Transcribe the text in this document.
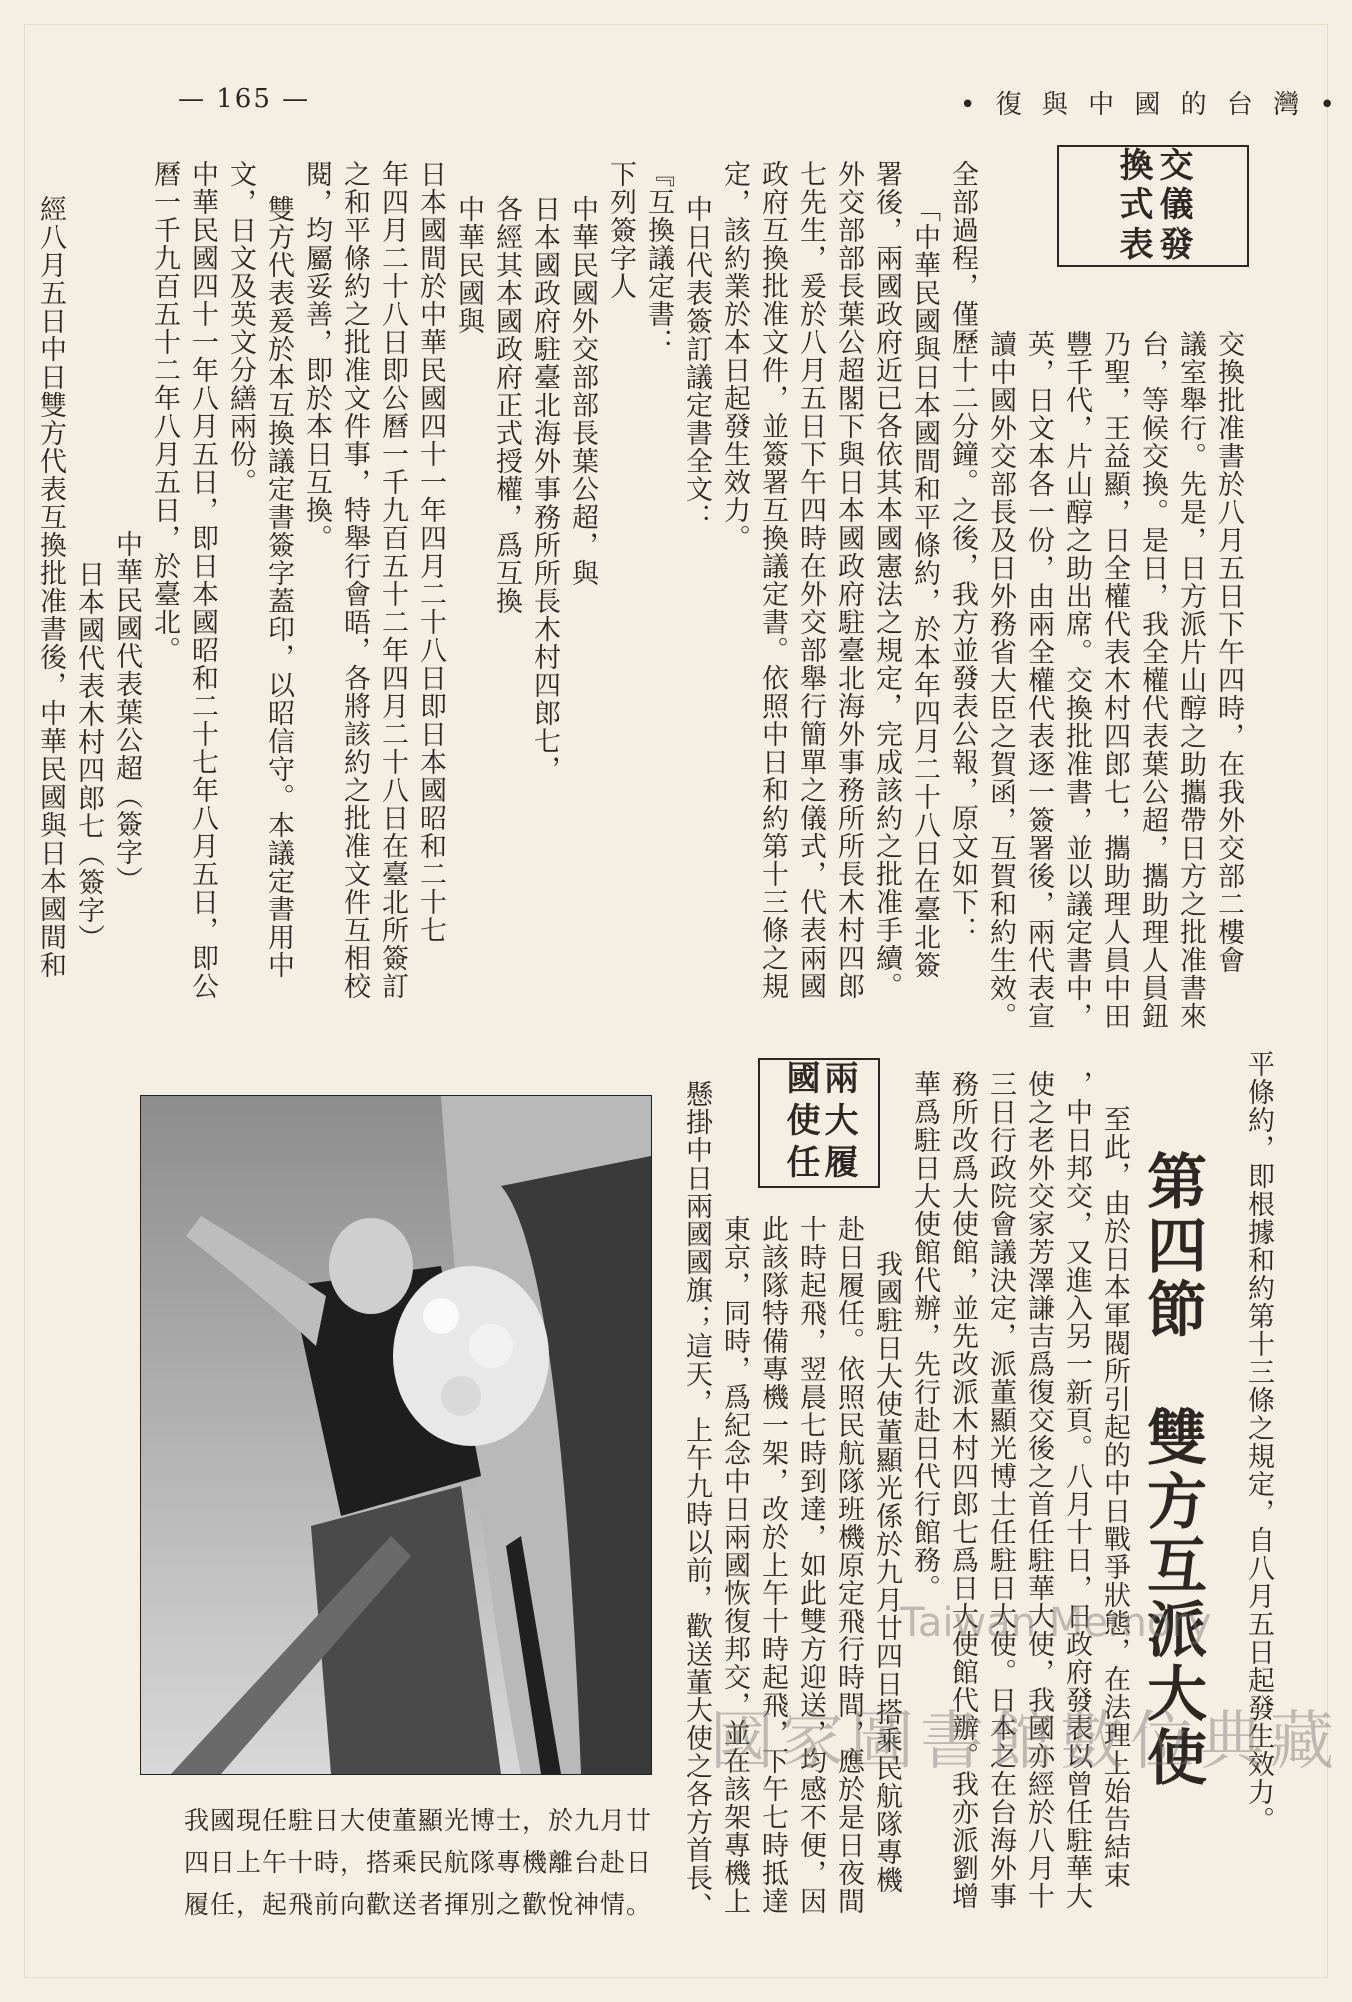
— 165 —	• 復 與 中 國 的 台 灣 •
交換
儀式
發表
交換批准書於八月五日下午四時，在我外交部二樓會
議室舉行。先是，日方派片山醇之助攜帶日方之批准書來
台，等候交換。是日，我全權代表葉公超，攜助理人員鈕
乃聖，王益顯，日全權代表木村四郎七，攜助理人員中田
豐千代，片山醇之助出席。交換批准書，並以議定書中，
英，日文本各一份，由兩全權代表逐一簽署後，兩代表宣
讀中國外交部長及日外務省大臣之賀函，互賀和約生效。
全部過程，僅歷十二分鐘。之後，我方並發表公報，原文如下：
「中華民國與日本國間和平條約，於本年四月二十八日在臺北簽
署後，兩國政府近已各依其本國憲法之規定，完成該約之批准手續。
外交部部長葉公超閣下與日本國政府駐臺北海外事務所所長木村四郎
七先生，爰於八月五日下午四時在外交部舉行簡單之儀式，代表兩國
政府互換批准文件，並簽署互換議定書。依照中日和約第十三條之規
定，該約業於本日起發生效力。
中日代表簽訂議定書全文：
『互換議定書：
下列簽字人
中華民國外交部部長葉公超，與
日本國政府駐臺北海外事務所所長木村四郎七，
各經其本國政府正式授權，爲互換
中華民國與
日本國間於中華民國四十一年四月二十八日即日本國昭和二十七
年四月二十八日即公曆一千九百五十二年四月二十八日在臺北所簽訂
之和平條約之批准文件事，特舉行會晤，各將該約之批准文件互相校
閱，均屬妥善，即於本日互換。
雙方代表爰於本互換議定書簽字蓋印，以昭信守。本議定書用中
文，日文及英文分繕兩份。
中華民國四十一年八月五日，即日本國昭和二十七年八月五日，即公
曆一千九百五十二年八月五日，於臺北。
中華民國代表葉公超（簽字）
日本國代表木村四郎七（簽字）
經八月五日中日雙方代表互換批准書後，中華民國與日本國間和
平條約，即根據和約第十三條之規定，自八月五日起發生效力。
第四節　雙方互派大使
至此，由於日本軍閥所引起的中日戰爭狀態，在法理上始告結束
，中日邦交，又進入另一新頁。八月十日，日政府發表以曾任駐華大
使之老外交家芳澤謙吉爲復交後之首任駐華大使，我國亦經於八月十
三日行政院會議決定，派董顯光博士任駐日大使。日本之在台海外事
務所改爲大使館，並先改派木村四郎七爲日大使館代辦。我亦派劉增
華爲駐日大使館代辦，先行赴日代行館務。
兩國
大使
履任
我國駐日大使董顯光係於九月廿四日搭乘民航隊專機
赴日履任。依照民航隊班機原定飛行時間，應於是日夜間
十時起飛，翌晨七時到達，如此雙方迎送，均感不便，因
此該隊特備專機一架，改於上午十時起飛，下午七時抵達
東京，同時，爲紀念中日兩國恢復邦交，並在該架專機上
懸掛中日兩國國旗；這天，上午九時以前，歡送董大使之各方首長、
我國現任駐日大使董顯光博士，於九月廿
四日上午十時，搭乘民航隊專機離台赴日
履任，起飛前向歡送者揮別之歡悅神情。
Taiwan Memory
國家圖書館數位典藏
